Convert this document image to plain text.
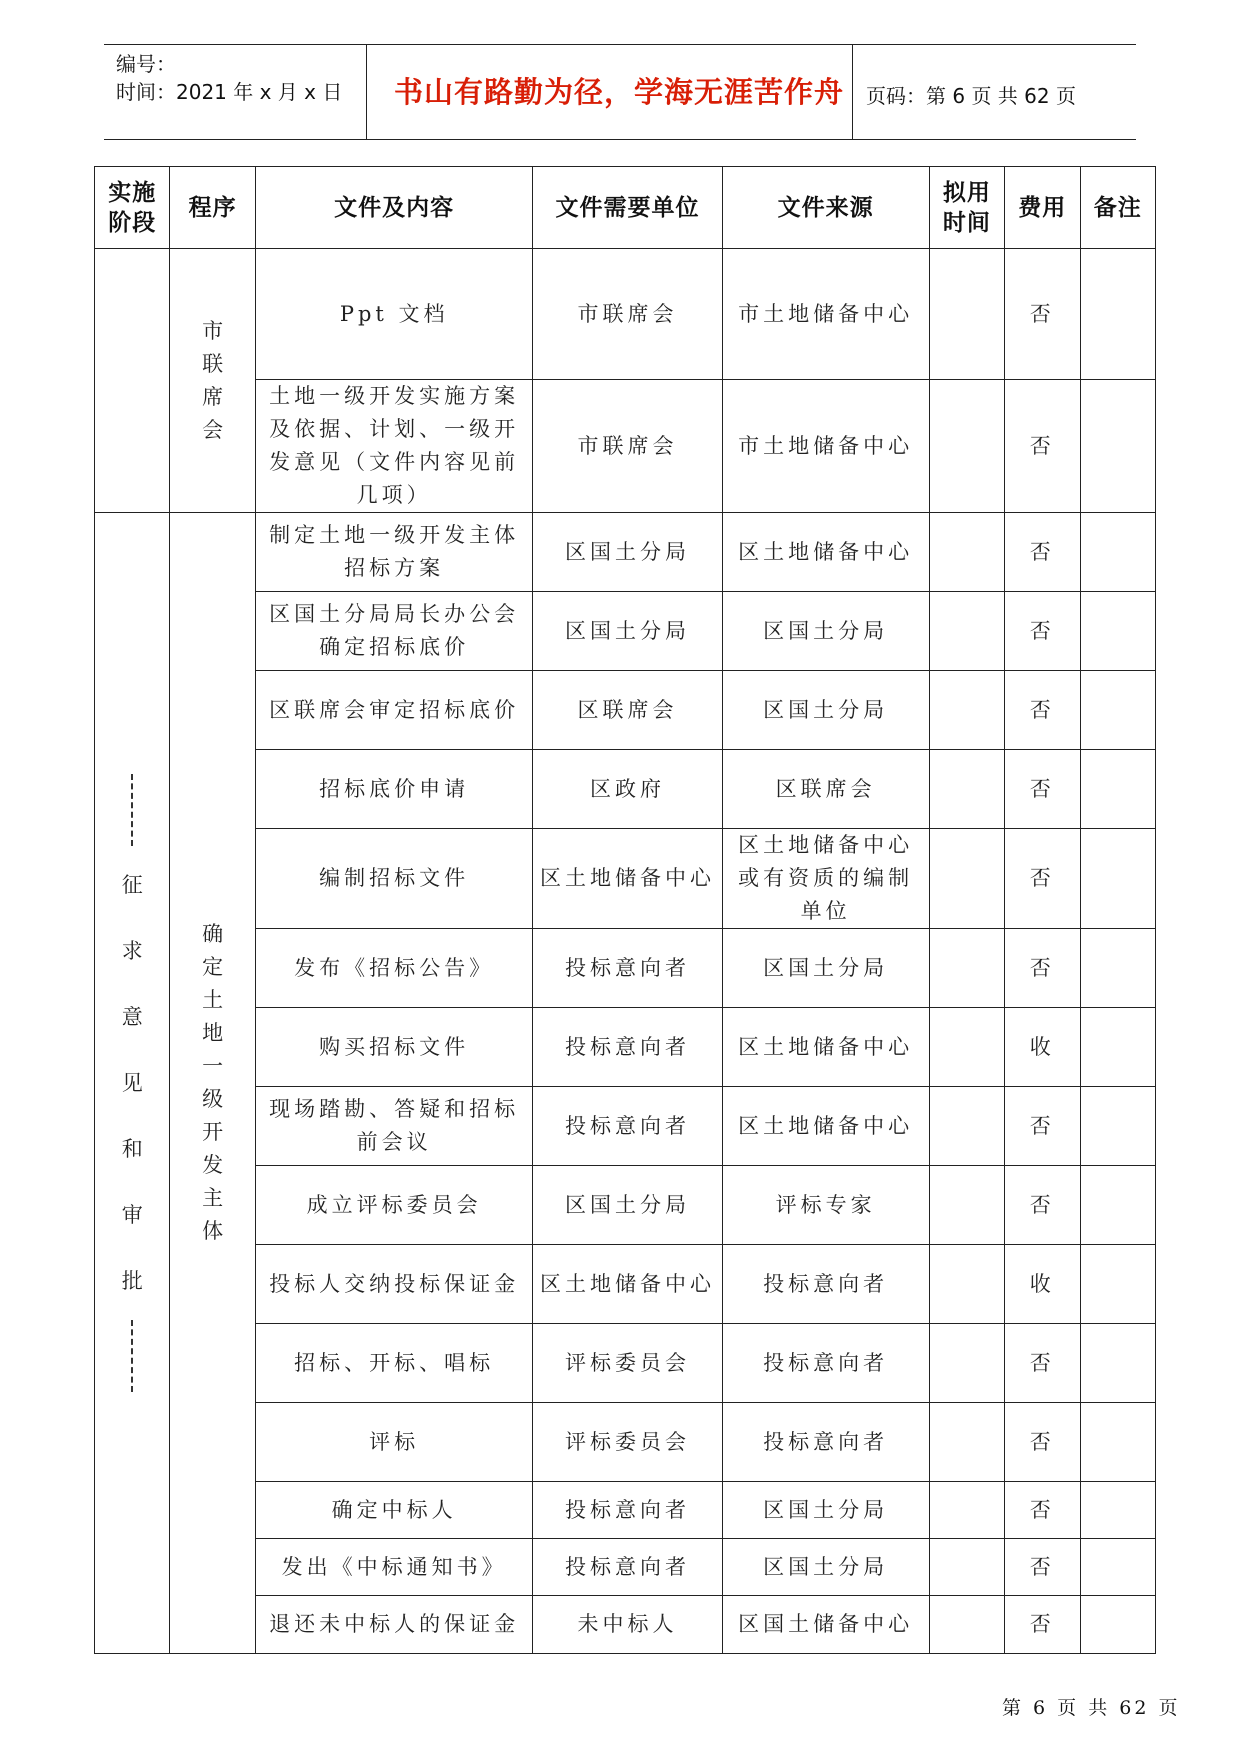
编号：
时间：2021 年 x 月 x 日 书山有路勤为径，学海无涯苦作舟 页码：第 6 页 共 62 页
实施阶段	程序	文件及内容	文件需要单位	文件来源	拟用时间	费用	备注
	市联席会	Ppt 文档	市联席会	市土地储备中心		否	
		土地一级开发实施方案及依据、计划、一级开发意见（文件内容见前几项）	市联席会	市土地储备中心		否	

征求意见和审批	确定土地一级开发主体	制定土地一级开发主体招标方案	区国土分局	区土地储备中心		否	
		区国土分局局长办公会确定招标底价	区国土分局	区国土分局		否	
		区联席会审定招标底价	区联席会	区国土分局		否	
		招标底价申请	区政府	区联席会		否	
		编制招标文件	区土地储备中心	区土地储备中心或有资质的编制单位		否	
		发布《招标公告》	投标意向者	区国土分局		否	
		购买招标文件	投标意向者	区土地储备中心		收	
		现场踏勘、答疑和招标前会议	投标意向者	区土地储备中心		否	
		成立评标委员会	区国土分局	评标专家		否	
		投标人交纳投标保证金	区土地储备中心	投标意向者		收	
		招标、开标、唱标	评标委员会	投标意向者		否	
		评标	评标委员会	投标意向者		否	
		确定中标人	投标意向者	区国土分局		否	
		发出《中标通知书》	投标意向者	区国土分局		否	
		退还未中标人的保证金	未中标人	区国土储备中心		否	
第 6 页 共 62 页
